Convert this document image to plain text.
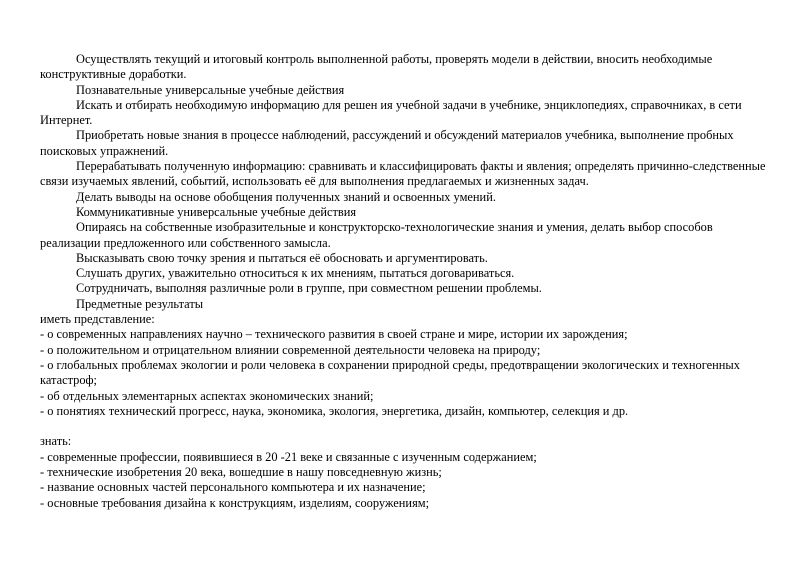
Осуществлять текущий и итоговый контроль выполненной работы, проверять модели в действии, вносить необходимые конструктивные доработки.

Познавательные универсальные учебные действия

Искать и отбирать необходимую информацию для решен ия учебной задачи в учебнике, энциклопедиях, справочниках, в сети Интернет.

Приобретать новые знания в процессе наблюдений, рассуждений и обсуждений материалов учебника, выполнение пробных поисковых упражнений.

Перерабатывать полученную информацию: сравнивать и классифицировать факты и явления; определять причинно-следственные связи изучаемых явлений, событий, использовать её для выполнения предлагаемых и жизненных задач.

Делать выводы на основе обобщения полученных знаний и освоенных умений.

Коммуникативные универсальные учебные действия

Опираясь на собственные изобразительные и конструкторско-технологические знания и умения, делать выбор способов реализации предложенного или собственного замысла.

Высказывать свою точку зрения и пытаться её обосновать и аргументировать.

Слушать других, уважительно относиться к их мнениям, пытаться договариваться.

Сотрудничать, выполняя различные роли в группе, при совместном решении проблемы.

Предметные результаты

иметь представление:

- о современных направлениях научно – технического развития в своей стране и мире, истории их зарождения;

- о положительном и отрицательном влиянии современной деятельности человека на природу;

- о глобальных проблемах экологии и роли человека в сохранении природной среды, предотвращении экологических и техногенных катастроф;

- об отдельных элементарных аспектах экономических знаний;

- о понятиях технический прогресс, наука, экономика, экология, энергетика, дизайн, компьютер, селекция и др.

знать:

- современные профессии, появившиеся в 20 -21 веке и связанные с изученным содержанием;

- технические изобретения 20 века, вошедшие в нашу повседневную жизнь;

- название основных частей персонального компьютера и их назначение;

- основные требования дизайна к конструкциям, изделиям, сооружениям;
